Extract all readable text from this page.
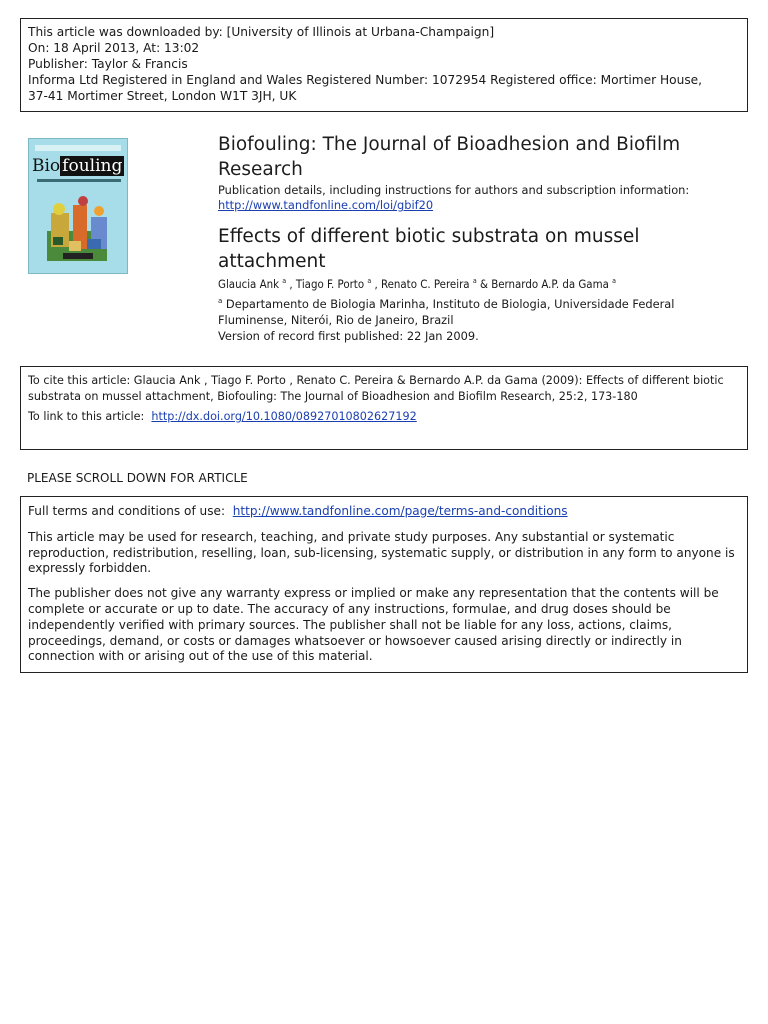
This article was downloaded by: [University of Illinois at Urbana-Champaign]
On: 18 April 2013, At: 13:02
Publisher: Taylor & Francis
Informa Ltd Registered in England and Wales Registered Number: 1072954 Registered office: Mortimer House,
37-41 Mortimer Street, London W1T 3JH, UK
Bio fouling
Biofouling: The Journal of Bioadhesion and Biofilm Research
Publication details, including instructions for authors and subscription information:
http://www.tandfonline.com/loi/gbif20
Effects of different biotic substrata on mussel attachment
Glaucia Ank $^a$ , Tiago F. Porto $^a$ , Renato C. Pereira $^a$ & Bernardo A.P. da Gama $^a$
$^a$ Departamento de Biologia Marinha, Instituto de Biologia, Universidade Federal Fluminense, Niterói, Rio de Janeiro, Brazil
Version of record first published: 22 Jan 2009.
To cite this article: Glaucia Ank , Tiago F. Porto , Renato C. Pereira & Bernardo A.P. da Gama (2009): Effects of different biotic substrata on mussel attachment, Biofouling: The Journal of Bioadhesion and Biofilm Research, 25:2, 173-180
To link to this article: http://dx.doi.org/10.1080/08927010802627192
PLEASE SCROLL DOWN FOR ARTICLE

Full terms and conditions of use: http://www.tandfonline.com/page/terms-and-conditions

This article may be used for research, teaching, and private study purposes. Any substantial or systematic reproduction, redistribution, reselling, loan, sub-licensing, systematic supply, or distribution in any form to anyone is expressly forbidden.

The publisher does not give any warranty express or implied or make any representation that the contents will be complete or accurate or up to date. The accuracy of any instructions, formulae, and drug doses should be independently verified with primary sources. The publisher shall not be liable for any loss, actions, claims, proceedings, demand, or costs or damages whatsoever or howsoever caused arising directly or indirectly in connection with or arising out of the use of this material.
